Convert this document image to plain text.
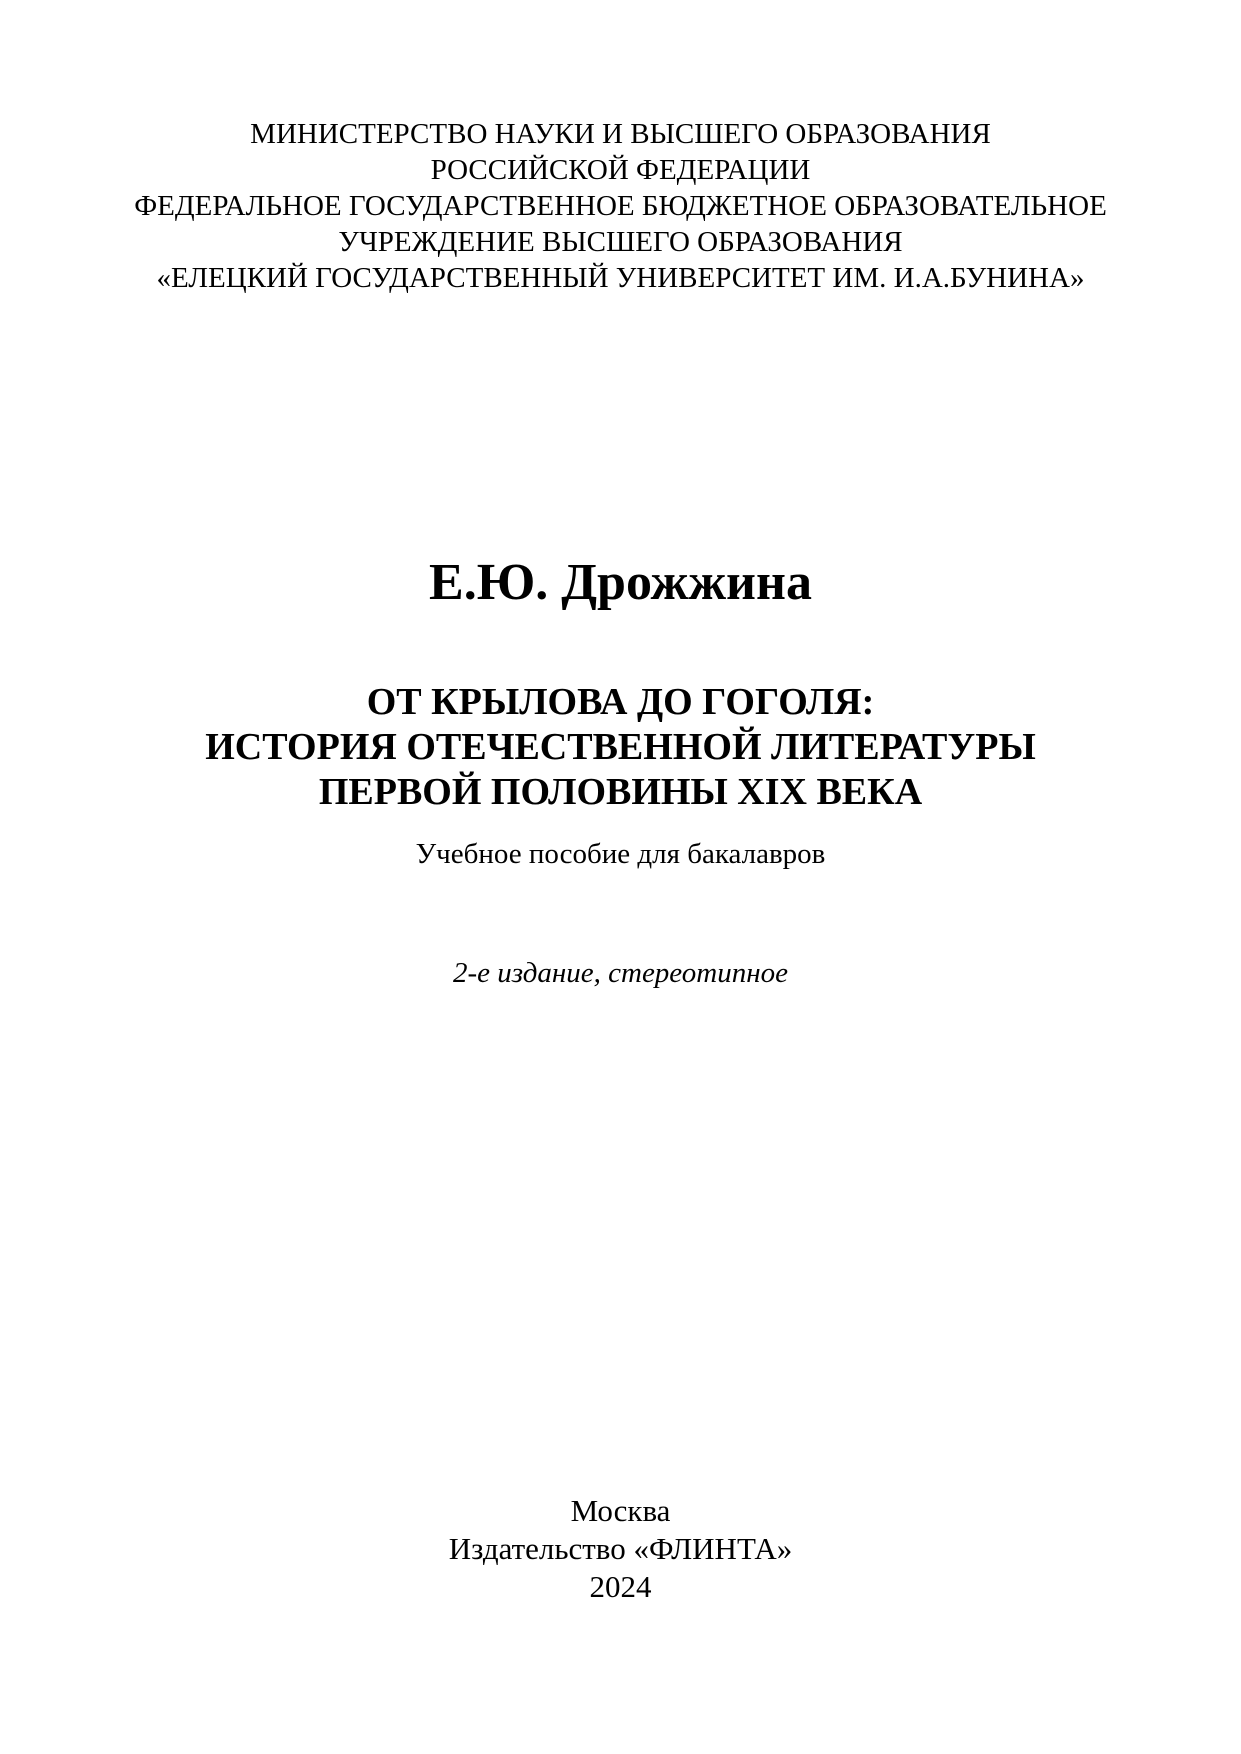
МИНИСТЕРСТВО НАУКИ И ВЫСШЕГО ОБРАЗОВАНИЯ
РОССИЙСКОЙ ФЕДЕРАЦИИ
ФЕДЕРАЛЬНОЕ ГОСУДАРСТВЕННОЕ БЮДЖЕТНОЕ ОБРАЗОВАТЕЛЬНОЕ
УЧРЕЖДЕНИЕ ВЫСШЕГО ОБРАЗОВАНИЯ
«ЕЛЕЦКИЙ ГОСУДАРСТВЕННЫЙ УНИВЕРСИТЕТ ИМ. И.А.БУНИНА»
Е.Ю. Дрожжина
ОТ КРЫЛОВА ДО ГОГОЛЯ:
ИСТОРИЯ ОТЕЧЕСТВЕННОЙ ЛИТЕРАТУРЫ
ПЕРВОЙ ПОЛОВИНЫ XIX ВЕКА
Учебное пособие для бакалавров
2-е издание, стереотипное
Москва
Издательство «ФЛИНТА»
2024
